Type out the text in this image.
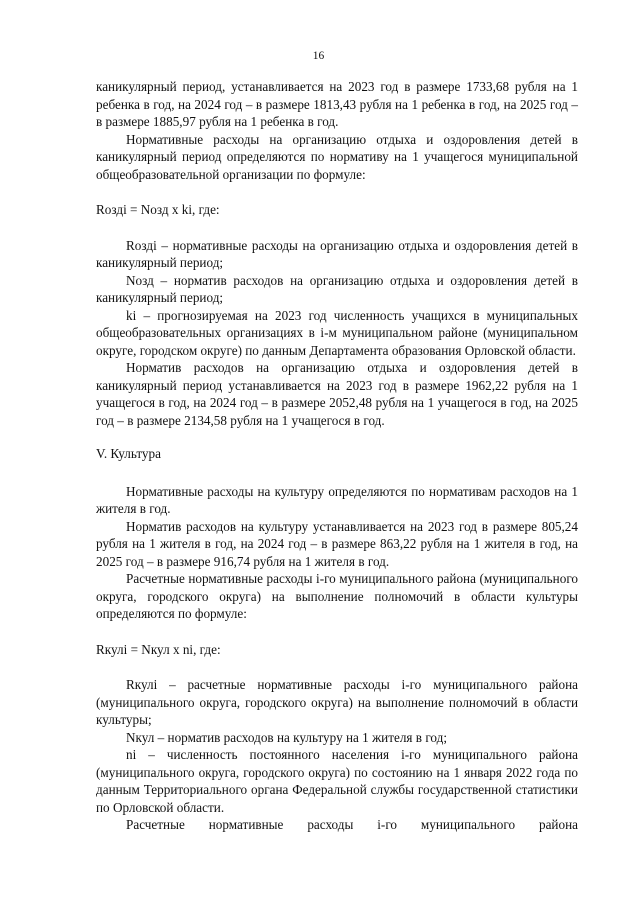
16

каникулярный период, устанавливается на 2023 год в размере 1733,68 рубля на 1 ребенка в год, на 2024 год – в размере 1813,43 рубля на 1 ребенка в год, на 2025 год – в размере 1885,97 рубля на 1 ребенка в год.

Нормативные расходы на организацию отдыха и оздоровления детей в каникулярный период определяются по нормативу на 1 учащегося муниципальной общеобразовательной организации по формуле:

Rоздi = Nозд x ki, где:

Rоздi – нормативные расходы на организацию отдыха и оздоровления детей в каникулярный период;

Nозд – норматив расходов на организацию отдыха и оздоровления детей в каникулярный период;

ki – прогнозируемая на 2023 год численность учащихся в муниципальных общеобразовательных организациях в i-м муниципальном районе (муниципальном округе, городском округе) по данным Департамента образования Орловской области.

Норматив расходов на организацию отдыха и оздоровления детей в каникулярный период устанавливается на 2023 год в размере 1962,22 рубля на 1 учащегося в год, на 2024 год – в размере 2052,48 рубля на 1 учащегося в год, на 2025 год – в размере 2134,58 рубля на 1 учащегося в год.

V. Культура

Нормативные расходы на культуру определяются по нормативам расходов на 1 жителя в год.

Норматив расходов на культуру устанавливается на 2023 год в размере 805,24 рубля на 1 жителя в год, на 2024 год – в размере 863,22 рубля на 1 жителя в год, на 2025 год – в размере 916,74 рубля на 1 жителя в год.

Расчетные нормативные расходы i-го муниципального района (муниципального округа, городского округа) на выполнение полномочий в области культуры определяются по формуле:

Rкулi = Nкул x ni, где:

Rкулi – расчетные нормативные расходы i-го муниципального района (муниципального округа, городского округа) на выполнение полномочий в области культуры;

Nкул – норматив расходов на культуру на 1 жителя в год;

ni – численность постоянного населения i-го муниципального района (муниципального округа, городского округа) по состоянию на 1 января 2022 года по данным Территориального органа Федеральной службы государственной статистики по Орловской области.

Расчетные нормативные расходы i-го муниципального района
